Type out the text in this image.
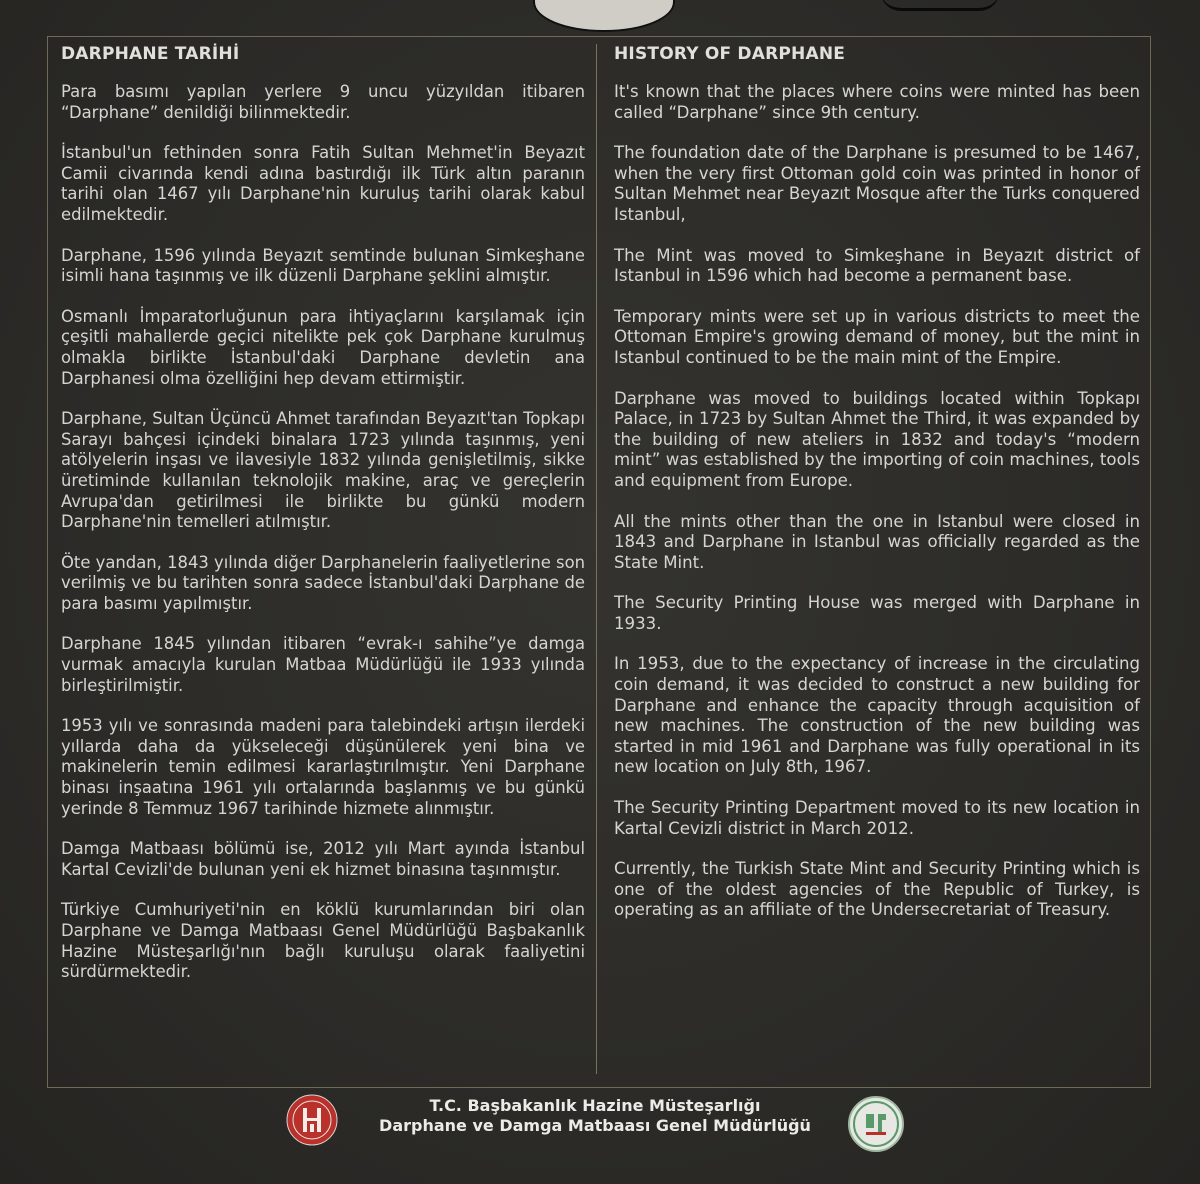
DARPHANE TARİHİ

Para basımı yapılan yerlere 9 uncu yüzyıldan itibaren “Darphane” denildiği bilinmektedir.

İstanbul'un fethinden sonra Fatih Sultan Mehmet'in Beyazıt Camii civarında kendi adına bastırdığı ilk Türk altın paranın tarihi olan 1467 yılı Darphane'nin kuruluş tarihi olarak kabul edilmektedir.

Darphane, 1596 yılında Beyazıt semtinde bulunan Simkeşhane isimli hana taşınmış ve ilk düzenli Darphane şeklini almıştır.

Osmanlı İmparatorluğunun para ihtiyaçlarını karşılamak için çeşitli mahallerde geçici nitelikte pek çok Darphane kurulmuş olmakla birlikte İstanbul'daki Darphane devletin ana Darphanesi olma özelliğini hep devam ettirmiştir.

Darphane, Sultan Üçüncü Ahmet tarafından Beyazıt'tan Topkapı Sarayı bahçesi içindeki binalara 1723 yılında taşınmış, yeni atölyelerin inşası ve ilavesiyle 1832 yılında genişletilmiş, sikke üretiminde kullanılan teknolojik makine, araç ve gereçlerin Avrupa'dan getirilmesi ile birlikte bu günkü modern Darphane'nin temelleri atılmıştır.

Öte yandan, 1843 yılında diğer Darphanelerin faaliyetlerine son verilmiş ve bu tarihten sonra sadece İstanbul'daki Darphane de para basımı yapılmıştır.

Darphane 1845 yılından itibaren “evrak-ı sahihe”ye damga vurmak amacıyla kurulan Matbaa Müdürlüğü ile 1933 yılında birleştirilmiştir.

1953 yılı ve sonrasında madeni para talebindeki artışın ilerdeki yıllarda daha da yükseleceği düşünülerek yeni bina ve makinelerin temin edilmesi kararlaştırılmıştır. Yeni Darphane binası inşaatına 1961 yılı ortalarında başlanmış ve bu günkü yerinde 8 Temmuz 1967 tarihinde hizmete alınmıştır.

Damga Matbaası bölümü ise, 2012 yılı Mart ayında İstanbul Kartal Cevizli'de bulunan yeni ek hizmet binasına taşınmıştır.

Türkiye Cumhuriyeti'nin en köklü kurumlarından biri olan Darphane ve Damga Matbaası Genel Müdürlüğü Başbakanlık Hazine Müsteşarlığı'nın bağlı kuruluşu olarak faaliyetini sürdürmektedir.

HISTORY OF DARPHANE

It's known that the places where coins were minted has been called “Darphane” since 9th century.

The foundation date of the Darphane is presumed to be 1467, when the very first Ottoman gold coin was printed in honor of Sultan Mehmet near Beyazıt Mosque after the Turks conquered Istanbul,

The Mint was moved to Simkeşhane in Beyazıt district of Istanbul in 1596 which had become a permanent base.

Temporary mints were set up in various districts to meet the Ottoman Empire's growing demand of money, but the mint in Istanbul continued to be the main mint of the Empire.

Darphane was moved to buildings located within Topkapı Palace, in 1723 by Sultan Ahmet the Third, it was expanded by the building of new ateliers in 1832 and today's “modern mint” was established by the importing of coin machines, tools and equipment from Europe.

All the mints other than the one in Istanbul were closed in 1843 and Darphane in Istanbul was officially regarded as the State Mint.

The Security Printing House was merged with Darphane in 1933.

In 1953, due to the expectancy of increase in the circulating coin demand, it was decided to construct a new building for Darphane and enhance the capacity through acquisition of new machines. The construction of the new building was started in mid 1961 and Darphane was fully operational in its new location on July 8th, 1967.

The Security Printing Department moved to its new location in Kartal Cevizli district in March 2012.

Currently, the Turkish State Mint and Security Printing which is one of the oldest agencies of the Republic of Turkey, is operating as an affiliate of the Undersecretariat of Treasury.

T.C. Başbakanlık Hazine Müsteşarlığı
Darphane ve Damga Matbaası Genel Müdürlüğü
